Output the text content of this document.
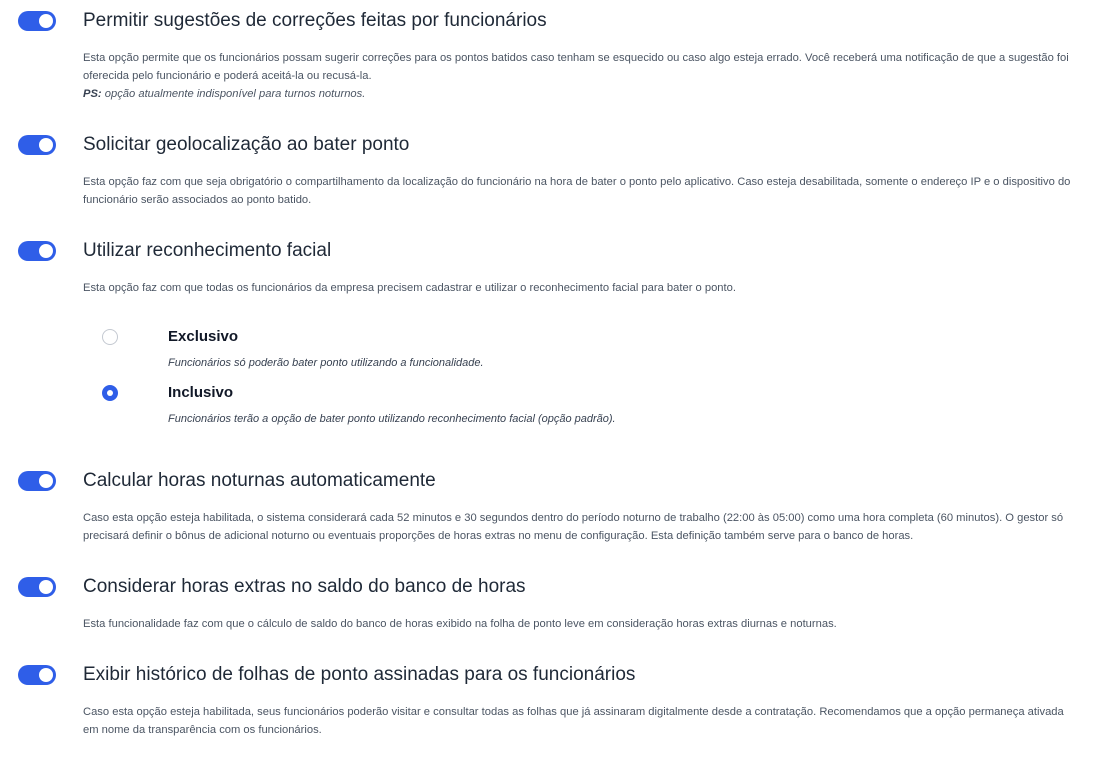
Permitir sugestões de correções feitas por funcionários
Esta opção permite que os funcionários possam sugerir correções para os pontos batidos caso tenham se esquecido ou caso algo esteja errado. Você receberá uma notificação de que a sugestão foi oferecida pelo funcionário e poderá aceitá-la ou recusá-la.
PS: opção atualmente indisponível para turnos noturnos.
Solicitar geolocalização ao bater ponto
Esta opção faz com que seja obrigatório o compartilhamento da localização do funcionário na hora de bater o ponto pelo aplicativo. Caso esteja desabilitada, somente o endereço IP e o dispositivo do funcionário serão associados ao ponto batido.
Utilizar reconhecimento facial
Esta opção faz com que todas os funcionários da empresa precisem cadastrar e utilizar o reconhecimento facial para bater o ponto.
Exclusivo
Funcionários só poderão bater ponto utilizando a funcionalidade.
Inclusivo
Funcionários terão a opção de bater ponto utilizando reconhecimento facial (opção padrão).
Calcular horas noturnas automaticamente
Caso esta opção esteja habilitada, o sistema considerará cada 52 minutos e 30 segundos dentro do período noturno de trabalho (22:00 às 05:00) como uma hora completa (60 minutos). O gestor só precisará definir o bônus de adicional noturno ou eventuais proporções de horas extras no menu de configuração. Esta definição também serve para o banco de horas.
Considerar horas extras no saldo do banco de horas
Esta funcionalidade faz com que o cálculo de saldo do banco de horas exibido na folha de ponto leve em consideração horas extras diurnas e noturnas.
Exibir histórico de folhas de ponto assinadas para os funcionários
Caso esta opção esteja habilitada, seus funcionários poderão visitar e consultar todas as folhas que já assinaram digitalmente desde a contratação. Recomendamos que a opção permaneça ativada em nome da transparência com os funcionários.
